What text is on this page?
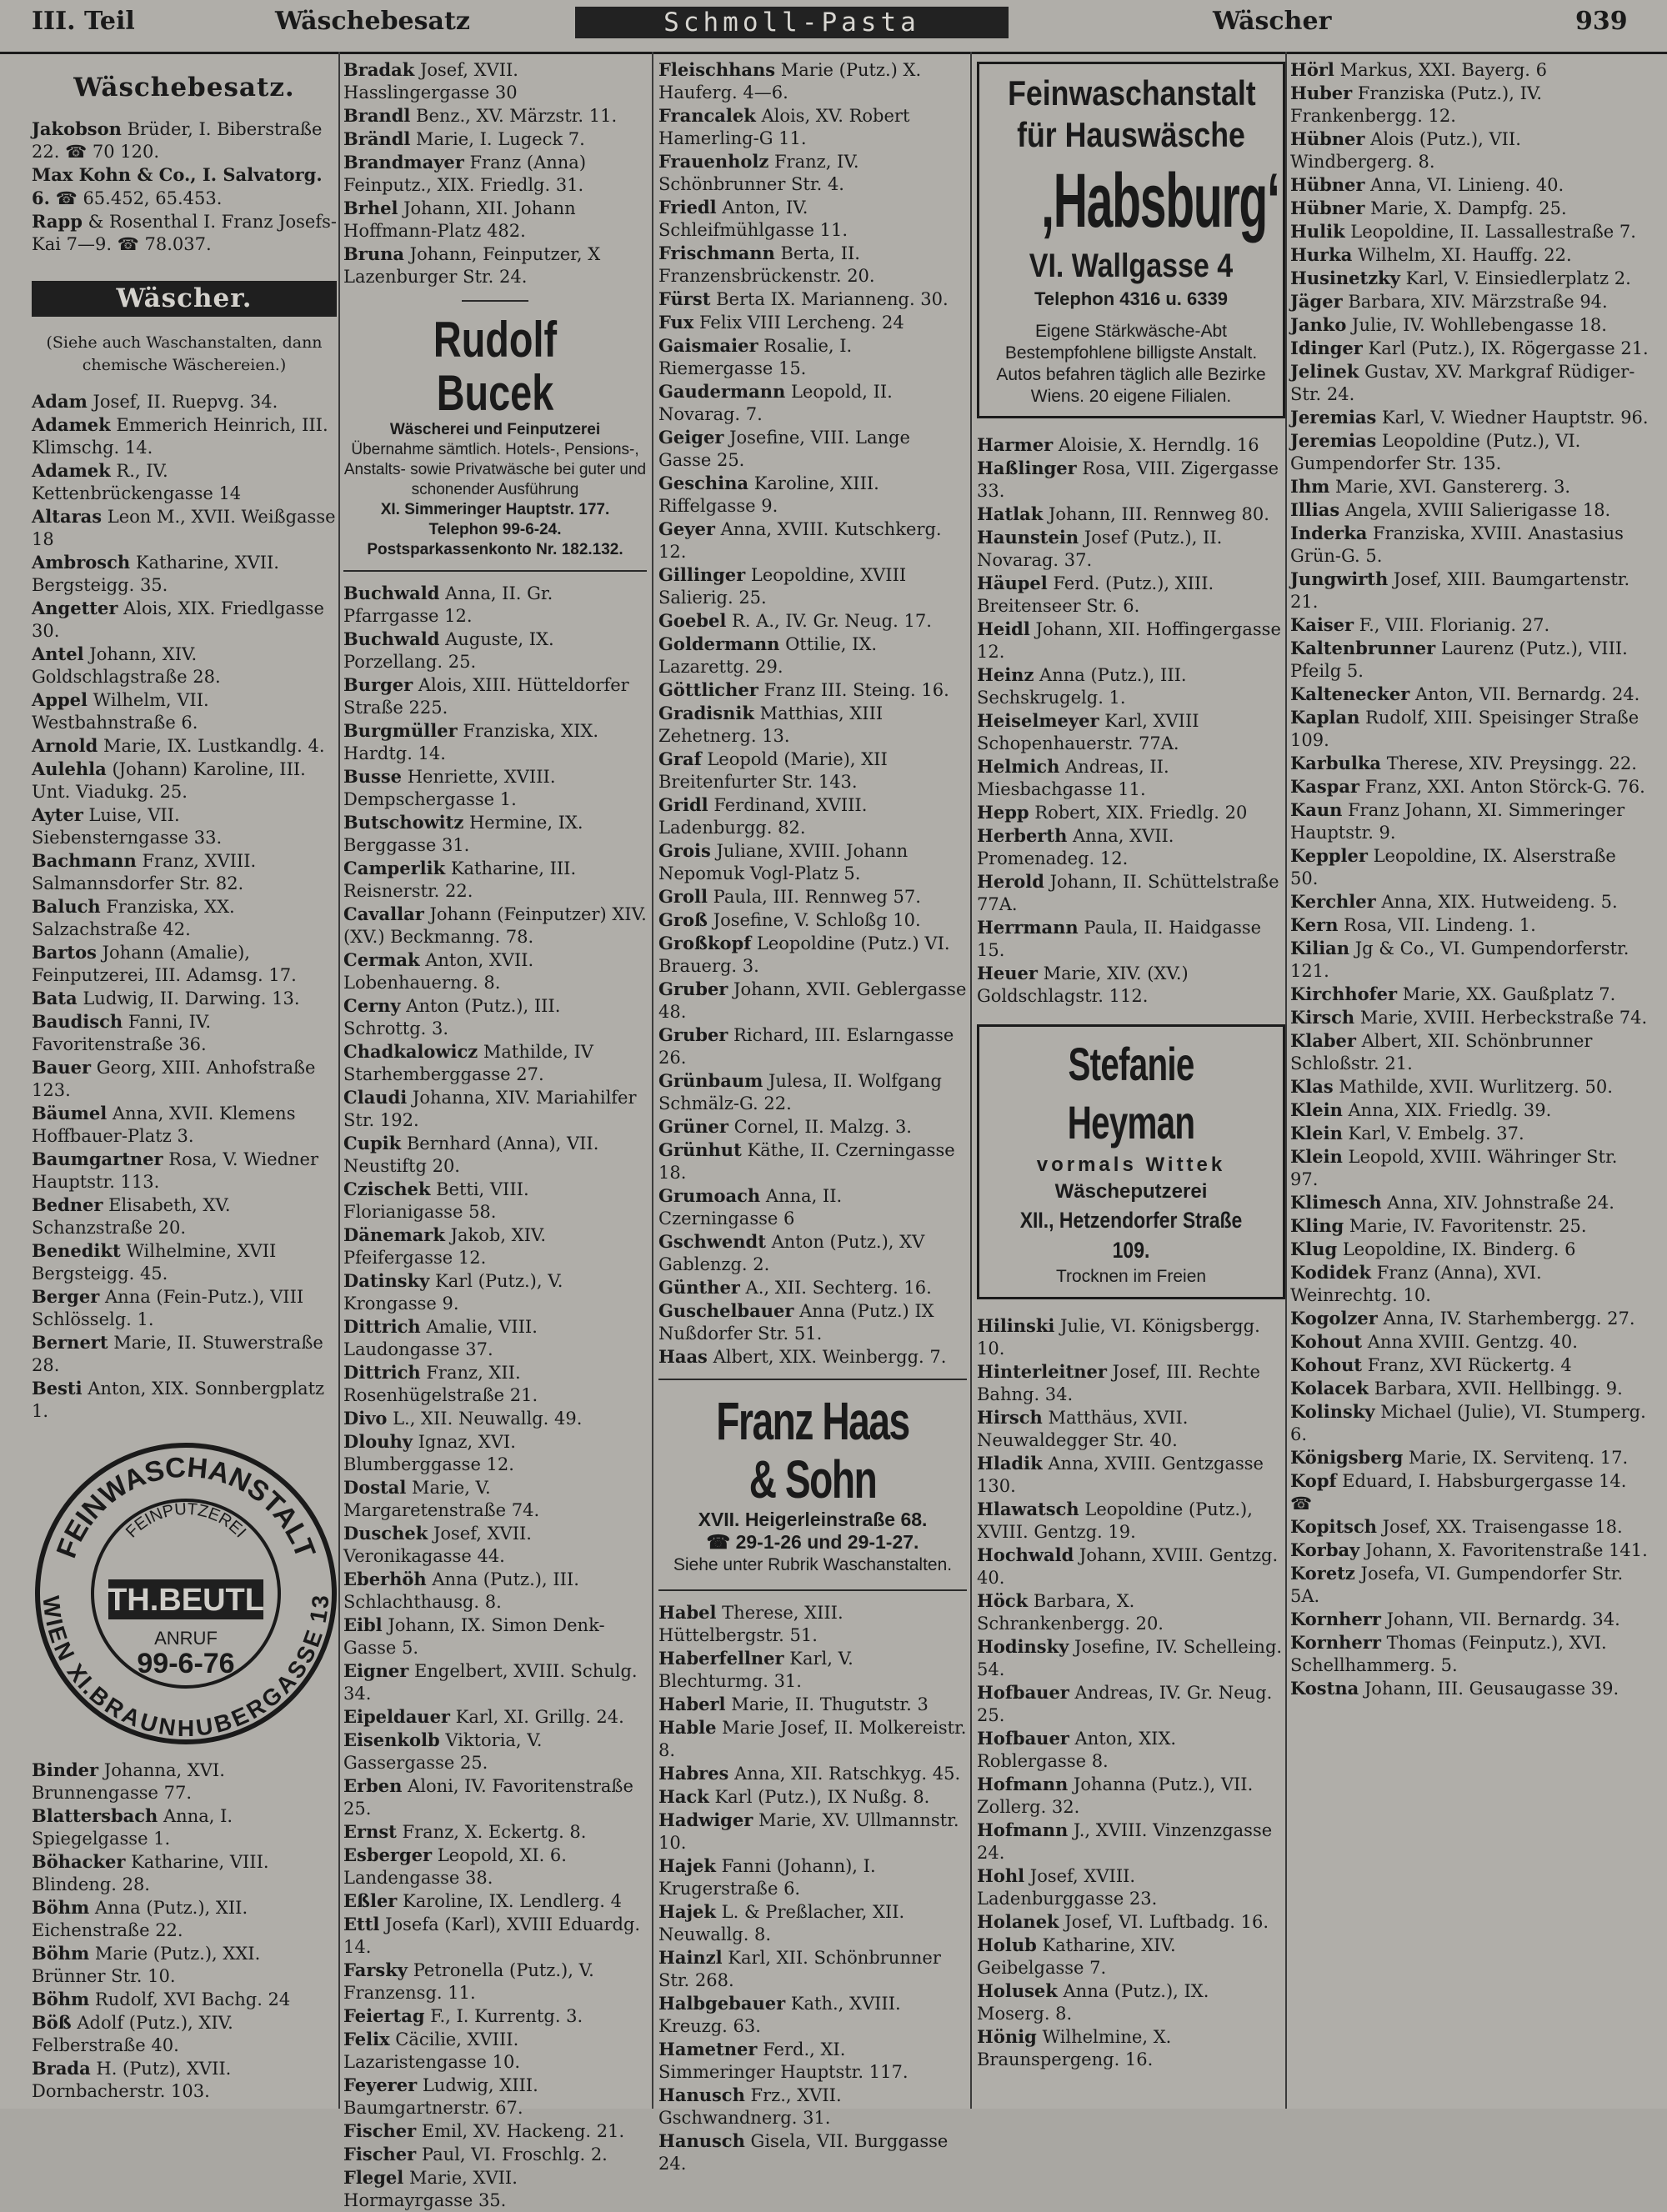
III. Teil	Wäschebesatz	Schmoll-Pasta	Wäscher	939
Wäschebesatz.
Jakobson Brüder, I. Biberstraße 22. ☎ 70 120.
Max Kohn & Co., I. Salvatorg. 6. ☎ 65.452, 65.453.
Rapp & Rosenthal I. Franz Josefs-Kai 7—9. ☎ 78.037.
Wäscher.
(Siehe auch Waschanstalten, dann chemische Wäschereien.)
Adam Josef, II. Ruepvg. 34.
Adamek Emmerich Heinrich, III. Klimschg. 14.
Adamek R., IV. Kettenbrückengasse 14
Altaras Leon M., XVII. Weißgasse 18
Ambrosch Katharine, XVII. Bergsteigg. 35.
Angetter Alois, XIX. Friedlgasse 30.
Antel Johann, XIV. Goldschlagstraße 28.
Appel Wilhelm, VII. Westbahnstraße 6.
Arnold Marie, IX. Lustkandlg. 4.
Aulehla (Johann) Karoline, III. Unt. Viadukg. 25.
Ayter Luise, VII. Siebensterngasse 33.
Bachmann Franz, XVIII. Salmannsdorfer Str. 82.
Baluch Franziska, XX. Salzachstraße 42.
Bartos Johann (Amalie), Feinputzerei, III. Adamsg. 17.
Bata Ludwig, II. Darwing. 13.
Baudisch Fanni, IV. Favoritenstraße 36.
Bauer Georg, XIII. Anhofstraße 123.
Bäumel Anna, XVII. Klemens Hoffbauer-Platz 3.
Baumgartner Rosa, V. Wiedner Hauptstr. 113.
Bedner Elisabeth, XV. Schanzstraße 20.
Benedikt Wilhelmine, XVII Bergsteigg. 45.
Berger Anna (Fein-Putz.), VIII Schlösselg. 1.
Bernert Marie, II. Stuwerstraße 28.
Besti Anton, XIX. Sonnbergplatz 1.
FEINWASCHANSTALT
WIEN XI.BRAUNHUBERGASSE 13
FEINPUTZEREI
TH.BEUTL
ANRUF
99-6-76
Binder Johanna, XVI. Brunnengasse 77.
Blattersbach Anna, I. Spiegelgasse 1.
Böhacker Katharine, VIII. Blindeng. 28.
Böhm Anna (Putz.), XII. Eichenstraße 22.
Böhm Marie (Putz.), XXI. Brünner Str. 10.
Böhm Rudolf, XVI Bachg. 24
Böß Adolf (Putz.), XIV. Felberstraße 40.
Brada H. (Putz), XVII. Dornbacherstr. 103.
Bradak Josef, XVII. Hasslingergasse 30
Brandl Benz., XV. Märzstr. 11.
Brändl Marie, I. Lugeck 7.
Brandmayer Franz (Anna) Feinputz., XIX. Friedlg. 31.
Brhel Johann, XII. Johann Hoffmann-Platz 482.
Bruna Johann, Feinputzer, X Lazenburger Str. 24.
Rudolf Bucek
Wäscherei und Feinputzerei
Übernahme sämtlich. Hotels-, Pensions-, Anstalts- sowie Privatwäsche bei guter und schonender Ausführung
XI. Simmeringer Hauptstr. 177.
Telephon 99-6-24.
Postsparkassenkonto Nr. 182.132.
Buchwald Anna, II. Gr. Pfarrgasse 12.
Buchwald Auguste, IX. Porzellang. 25.
Burger Alois, XIII. Hütteldorfer Straße 225.
Burgmüller Franziska, XIX. Hardtg. 14.
Busse Henriette, XVIII. Dempschergasse 1.
Butschowitz Hermine, IX. Berggasse 31.
Camperlik Katharine, III. Reisnerstr. 22.
Cavallar Johann (Feinputzer) XIV. (XV.) Beckmanng. 78.
Cermak Anton, XVII. Lobenhauerng. 8.
Cerny Anton (Putz.), III. Schrottg. 3.
Chadkalowicz Mathilde, IV Starhemberggasse 27.
Claudi Johanna, XIV. Mariahilfer Str. 192.
Cupik Bernhard (Anna), VII. Neustiftg 20.
Czischek Betti, VIII. Florianigasse 58.
Dänemark Jakob, XIV. Pfeifergasse 12.
Datinsky Karl (Putz.), V. Krongasse 9.
Dittrich Amalie, VIII. Laudongasse 37.
Dittrich Franz, XII. Rosenhügelstraße 21.
Divo L., XII. Neuwallg. 49.
Dlouhy Ignaz, XVI. Blumberggasse 12.
Dostal Marie, V. Margaretenstraße 74.
Duschek Josef, XVII. Veronikagasse 44.
Eberhöh Anna (Putz.), III. Schlachthausg. 8.
Eibl Johann, IX. Simon Denk-Gasse 5.
Eigner Engelbert, XVIII. Schulg. 34.
Eipeldauer Karl, XI. Grillg. 24.
Eisenkolb Viktoria, V. Gassergasse 25.
Erben Aloni, IV. Favoritenstraße 25.
Ernst Franz, X. Eckertg. 8.
Esberger Leopold, XI. 6. Landengasse 38.
Eßler Karoline, IX. Lendlerg. 4
Ettl Josefa (Karl), XVIII Eduardg. 14.
Farsky Petronella (Putz.), V. Franzensg. 11.
Feiertag F., I. Kurrentg. 3.
Felix Cäcilie, XVIII. Lazaristengasse 10.
Feyerer Ludwig, XIII. Baumgartnerstr. 67.
Fischer Emil, XV. Hackeng. 21.
Fischer Paul, VI. Froschlg. 2.
Flegel Marie, XVII. Hormayrgasse 35.
Fleischhans Marie (Putz.) X. Hauferg. 4—6.
Francalek Alois, XV. Robert Hamerling-G 11.
Frauenholz Franz, IV. Schönbrunner Str. 4.
Friedl Anton, IV. Schleifmühlgasse 11.
Frischmann Berta, II. Franzensbrückenstr. 20.
Fürst Berta IX. Marianneng. 30.
Fux Felix VIII Lercheng. 24
Gaismaier Rosalie, I. Riemergasse 15.
Gaudermann Leopold, II. Novarag. 7.
Geiger Josefine, VIII. Lange Gasse 25.
Geschina Karoline, XIII. Riffelgasse 9.
Geyer Anna, XVIII. Kutschkerg. 12.
Gillinger Leopoldine, XVIII Salierig. 25.
Goebel R. A., IV. Gr. Neug. 17.
Goldermann Ottilie, IX. Lazarettg. 29.
Göttlicher Franz III. Steing. 16.
Gradisnik Matthias, XIII Zehetnerg. 13.
Graf Leopold (Marie), XII Breitenfurter Str. 143.
Gridl Ferdinand, XVIII. Ladenburgg. 82.
Grois Juliane, XVIII. Johann Nepomuk Vogl-Platz 5.
Groll Paula, III. Rennweg 57.
Groß Josefine, V. Schloßg 10.
Großkopf Leopoldine (Putz.) VI. Brauerg. 3.
Gruber Johann, XVII. Geblergasse 48.
Gruber Richard, III. Eslarngasse 26.
Grünbaum Julesa, II. Wolfgang Schmälz-G. 22.
Grüner Cornel, II. Malzg. 3.
Grünhut Käthe, II. Czerningasse 18.
Grumoach Anna, II. Czerningasse 6
Gschwendt Anton (Putz.), XV Gablenzg. 2.
Günther A., XII. Sechterg. 16.
Guschelbauer Anna (Putz.) IX Nußdorfer Str. 51.
Haas Albert, XIX. Weinbergg. 7.
Franz Haas & Sohn
XVII. Heigerleinstraße 68.
☎ 29-1-26 und 29-1-27.
Siehe unter Rubrik Waschanstalten.
Habel Therese, XIII. Hüttelbergstr. 51.
Haberfellner Karl, V. Blechturmg. 31.
Haberl Marie, II. Thugutstr. 3
Hable Marie Josef, II. Molkereistr. 8.
Habres Anna, XII. Ratschkyg. 45.
Hack Karl (Putz.), IX Nußg. 8.
Hadwiger Marie, XV. Ullmannstr. 10.
Hajek Fanni (Johann), I. Krugerstraße 6.
Hajek L. & Preßlacher, XII. Neuwallg. 8.
Hainzl Karl, XII. Schönbrunner Str. 268.
Halbgebauer Kath., XVIII. Kreuzg. 63.
Hametner Ferd., XI. Simmeringer Hauptstr. 117.
Hanusch Frz., XVII. Gschwandnerg. 31.
Hanusch Gisela, VII. Burggasse 24.
Feinwaschanstalt
für Hauswäsche
‚Habsburg‘
VI. Wallgasse 4
Telephon 4316 u. 6339
Eigene Stärkwäsche-Abt Bestempfohlene billigste Anstalt. Autos befahren täglich alle Bezirke Wiens. 20 eigene Filialen.
Harmer Aloisie, X. Herndlg. 16
Haßlinger Rosa, VIII. Zigergasse 33.
Hatlak Johann, III. Rennweg 80.
Haunstein Josef (Putz.), II. Novarag. 37.
Häupel Ferd. (Putz.), XIII. Breitenseer Str. 6.
Heidl Johann, XII. Hoffingergasse 12.
Heinz Anna (Putz.), III. Sechskrugelg. 1.
Heiselmeyer Karl, XVIII Schopenhauerstr. 77A.
Helmich Andreas, II. Miesbachgasse 11.
Hepp Robert, XIX. Friedlg. 20
Herberth Anna, XVII. Promenadeg. 12.
Herold Johann, II. Schüttelstraße 77A.
Herrmann Paula, II. Haidgasse 15.
Heuer Marie, XIV. (XV.) Goldschlagstr. 112.
Stefanie Heyman
vormals Wittek
Wäscheputzerei
XII., Hetzendorfer Straße 109.
Trocknen im Freien
Hilinski Julie, VI. Königsbergg. 10.
Hinterleitner Josef, III. Rechte Bahng. 34.
Hirsch Matthäus, XVII. Neuwaldegger Str. 40.
Hladik Anna, XVIII. Gentzgasse 130.
Hlawatsch Leopoldine (Putz.), XVIII. Gentzg. 19.
Hochwald Johann, XVIII. Gentzg. 40.
Höck Barbara, X. Schrankenbergg. 20.
Hodinsky Josefine, IV. Schelleing. 54.
Hofbauer Andreas, IV. Gr. Neug. 25.
Hofbauer Anton, XIX. Roblergasse 8.
Hofmann Johanna (Putz.), VII. Zollerg. 32.
Hofmann J., XVIII. Vinzenzgasse 24.
Hohl Josef, XVIII. Ladenburggasse 23.
Holanek Josef, VI. Luftbadg. 16.
Holub Katharine, XIV. Geibelgasse 7.
Holusek Anna (Putz.), IX. Moserg. 8.
Hönig Wilhelmine, X. Braunspergeng. 16.
Hörl Markus, XXI. Bayerg. 6
Huber Franziska (Putz.), IV. Frankenbergg. 12.
Hübner Alois (Putz.), VII. Windbergerg. 8.
Hübner Anna, VI. Linieng. 40.
Hübner Marie, X. Dampfg. 25.
Hulik Leopoldine, II. Lassallestraße 7.
Hurka Wilhelm, XI. Hauffg. 22.
Husinetzky Karl, V. Einsiedlerplatz 2.
Jäger Barbara, XIV. Märzstraße 94.
Janko Julie, IV. Wohllebengasse 18.
Idinger Karl (Putz.), IX. Rögergasse 21.
Jelinek Gustav, XV. Markgraf Rüdiger-Str. 24.
Jeremias Karl, V. Wiedner Hauptstr. 96.
Jeremias Leopoldine (Putz.), VI. Gumpendorfer Str. 135.
Ihm Marie, XVI. Ganstererg. 3.
Illias Angela, XVIII Salierigasse 18.
Inderka Franziska, XVIII. Anastasius Grün-G. 5.
Jungwirth Josef, XIII. Baumgartenstr. 21.
Kaiser F., VIII. Florianig. 27.
Kaltenbrunner Laurenz (Putz.), VIII. Pfeilg 5.
Kaltenecker Anton, VII. Bernardg. 24.
Kaplan Rudolf, XIII. Speisinger Straße 109.
Karbulka Therese, XIV. Preysingg. 22.
Kaspar Franz, XXI. Anton Störck-G. 76.
Kaun Franz Johann, XI. Simmeringer Hauptstr. 9.
Keppler Leopoldine, IX. Alserstraße 50.
Kerchler Anna, XIX. Hutweideng. 5.
Kern Rosa, VII. Lindeng. 1.
Kilian Jg & Co., VI. Gumpendorferstr. 121.
Kirchhofer Marie, XX. Gaußplatz 7.
Kirsch Marie, XVIII. Herbeckstraße 74.
Klaber Albert, XII. Schönbrunner Schloßstr. 21.
Klas Mathilde, XVII. Wurlitzerg. 50.
Klein Anna, XIX. Friedlg. 39.
Klein Karl, V. Embelg. 37.
Klein Leopold, XVIII. Währinger Str. 97.
Klimesch Anna, XIV. Johnstraße 24.
Kling Marie, IV. Favoritenstr. 25.
Klug Leopoldine, IX. Binderg. 6
Kodidek Franz (Anna), XVI. Weinrechtg. 10.
Kogolzer Anna, IV. Starhembergg. 27.
Kohout Anna XVIII. Gentzg. 40.
Kohout Franz, XVI Rückertg. 4
Kolacek Barbara, XVII. Hellbingg. 9.
Kolinsky Michael (Julie), VI. Stumperg. 6.
Königsberg Marie, IX. Servitenq. 17.
Kopf Eduard, I. Habsburgergasse 14. ☎
Kopitsch Josef, XX. Traisengasse 18.
Korbay Johann, X. Favoritenstraße 141.
Koretz Josefa, VI. Gumpendorfer Str. 5A.
Kornherr Johann, VII. Bernardg. 34.
Kornherr Thomas (Feinputz.), XVI. Schellhammerg. 5.
Kostna Johann, III. Geusaugasse 39.
